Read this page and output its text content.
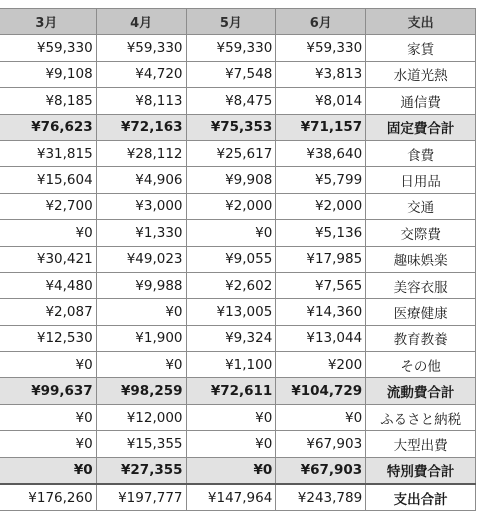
3月	4月	5月	6月	支出
¥59,330	¥59,330	¥59,330	¥59,330	家賃
¥9,108	¥4,720	¥7,548	¥3,813	水道光熱
¥8,185	¥8,113	¥8,475	¥8,014	通信費
¥76,623	¥72,163	¥75,353	¥71,157	固定費合計
¥31,815	¥28,112	¥25,617	¥38,640	食費
¥15,604	¥4,906	¥9,908	¥5,799	日用品
¥2,700	¥3,000	¥2,000	¥2,000	交通
¥0	¥1,330	¥0	¥5,136	交際費
¥30,421	¥49,023	¥9,055	¥17,985	趣味娯楽
¥4,480	¥9,988	¥2,602	¥7,565	美容衣服
¥2,087	¥0	¥13,005	¥14,360	医療健康
¥12,530	¥1,900	¥9,324	¥13,044	教育教養
¥0	¥0	¥1,100	¥200	その他
¥99,637	¥98,259	¥72,611	¥104,729	流動費合計
¥0	¥12,000	¥0	¥0	ふるさと納税
¥0	¥15,355	¥0	¥67,903	大型出費
¥0	¥27,355	¥0	¥67,903	特別費合計
¥176,260	¥197,777	¥147,964	¥243,789	支出合計
